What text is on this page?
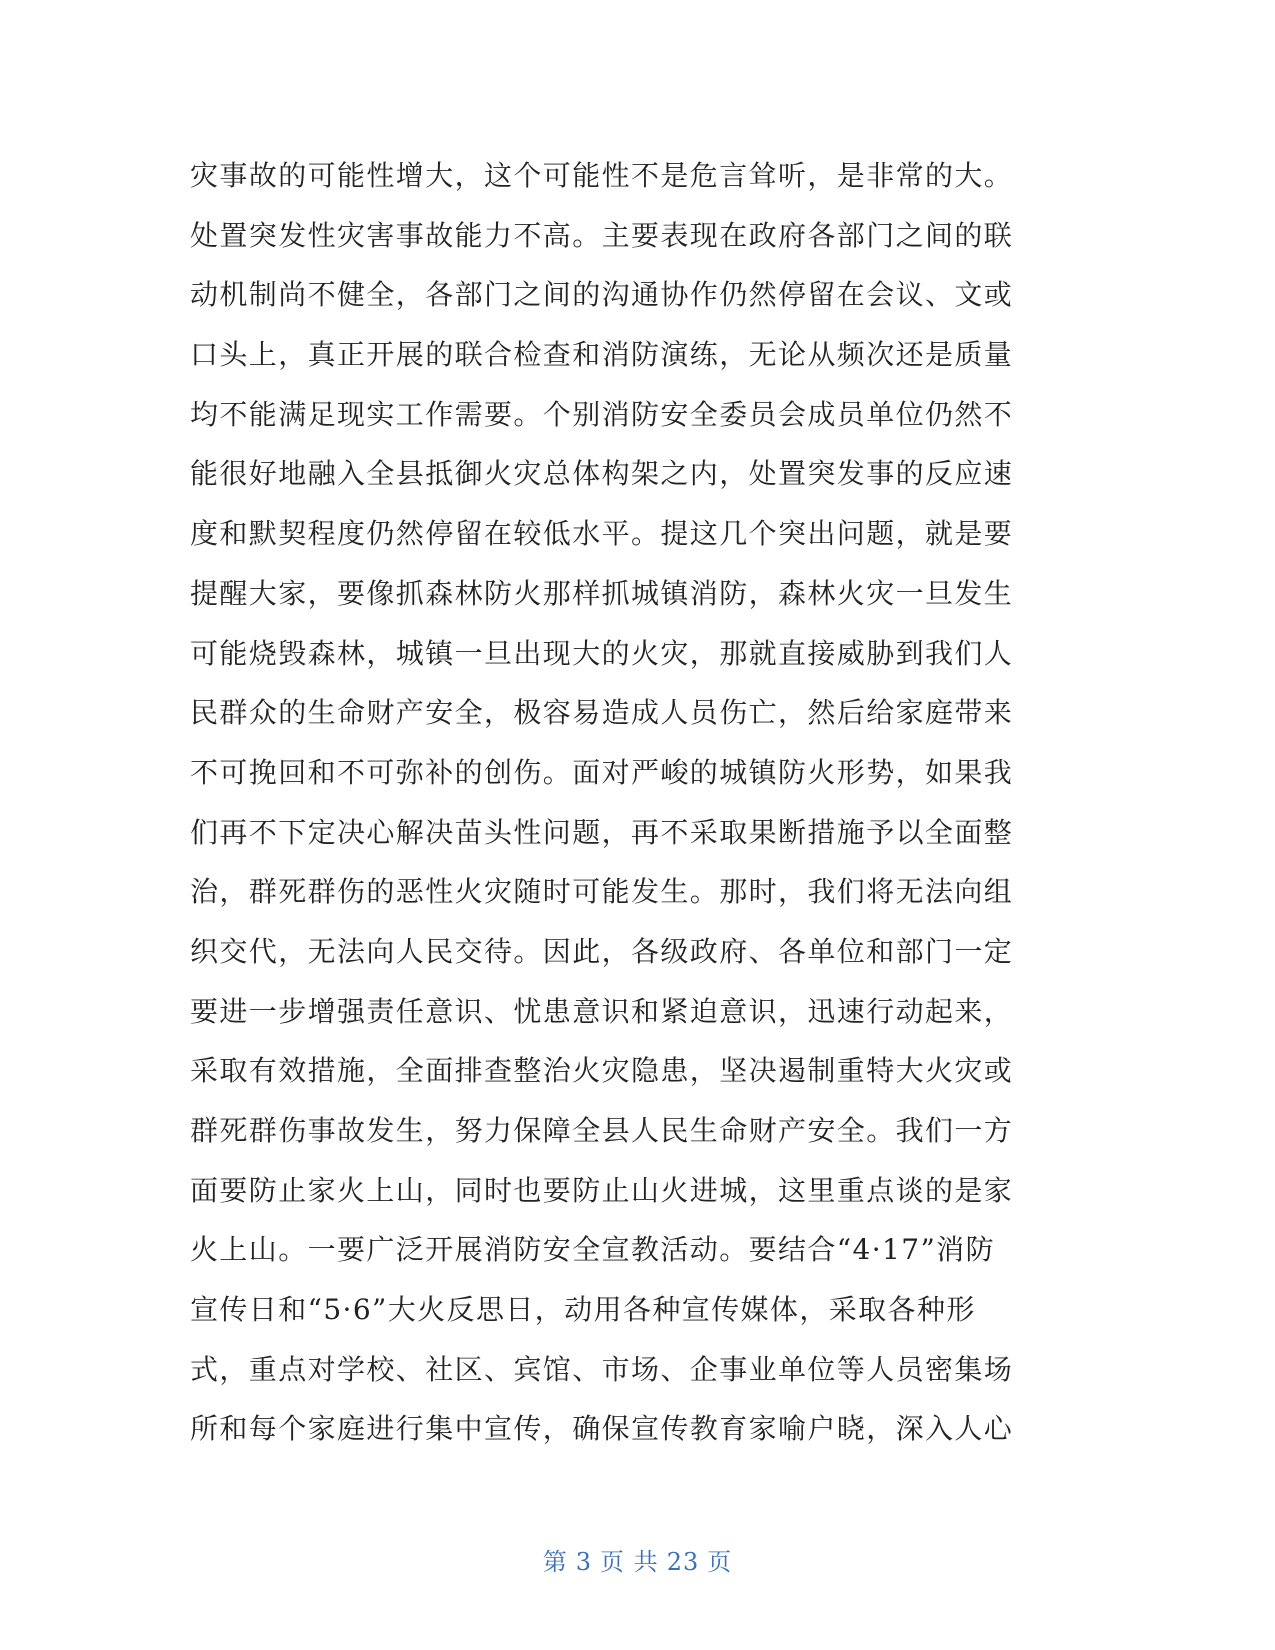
灾事故的可能性增大，这个可能性不是危言耸听，是非常的大。
处置突发性灾害事故能力不高。主要表现在政府各部门之间的联
动机制尚不健全，各部门之间的沟通协作仍然停留在会议、文或
口头上，真正开展的联合检查和消防演练，无论从频次还是质量
均不能满足现实工作需要。个别消防安全委员会成员单位仍然不
能很好地融入全县抵御火灾总体构架之内，处置突发事的反应速
度和默契程度仍然停留在较低水平。提这几个突出问题，就是要
提醒大家，要像抓森林防火那样抓城镇消防，森林火灾一旦发生
可能烧毁森林，城镇一旦出现大的火灾，那就直接威胁到我们人
民群众的生命财产安全，极容易造成人员伤亡，然后给家庭带来
不可挽回和不可弥补的创伤。面对严峻的城镇防火形势，如果我
们再不下定决心解决苗头性问题，再不采取果断措施予以全面整
治，群死群伤的恶性火灾随时可能发生。那时，我们将无法向组
织交代，无法向人民交待。因此，各级政府、各单位和部门一定
要进一步增强责任意识、忧患意识和紧迫意识，迅速行动起来，
采取有效措施，全面排查整治火灾隐患，坚决遏制重特大火灾或
群死群伤事故发生，努力保障全县人民生命财产安全。我们一方
面要防止家火上山，同时也要防止山火进城，这里重点谈的是家
火上山。一要广泛开展消防安全宣教活动。要结合“4·17”消防
宣传日和“5·6”大火反思日，动用各种宣传媒体，采取各种形
式，重点对学校、社区、宾馆、市场、企事业单位等人员密集场
所和每个家庭进行集中宣传，确保宣传教育家喻户晓，深入人心
第 3 页 共 23 页
